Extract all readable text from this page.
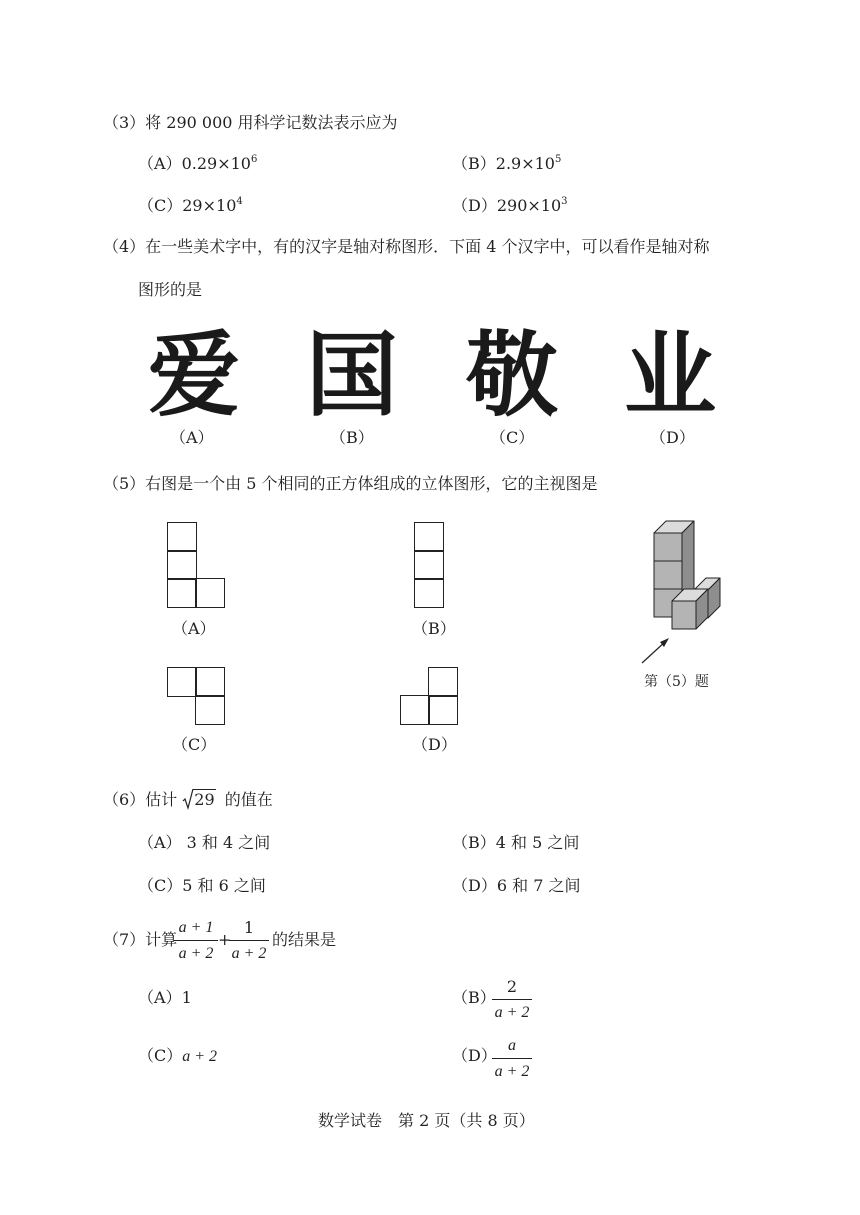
（3）将 290 000 用科学记数法表示应为
$(A)0.29\times 10^6$	$(B)2.9\times 10^5$
$(C)29\times 10^4$	$(D)290\times 10^3$
（4）在一些美术字中，有的汉字是轴对称图形．下面 4 个汉字中，可以看作是轴对称
图形的是
爱 国 敬 业
（A）	（B）	（C）	（D）
（5）右图是一个由 5 个相同的正方体组成的立体图形，它的主视图是
（A）	（B）
（C）	（D）
第（5）题
（6）估计 29 的值在
（A） 3 和 4 之间	（B）4 和 5 之间
（C）5 和 6 之间	（D）6 和 7 之间
（7）计算
a + 1
a + 2
+
1
a + 2
的结果是
（A）1	（B）
2
a + 2
（C）a + 2	（D）
a
a + 2
数学试卷　第 2 页（共 8 页）
